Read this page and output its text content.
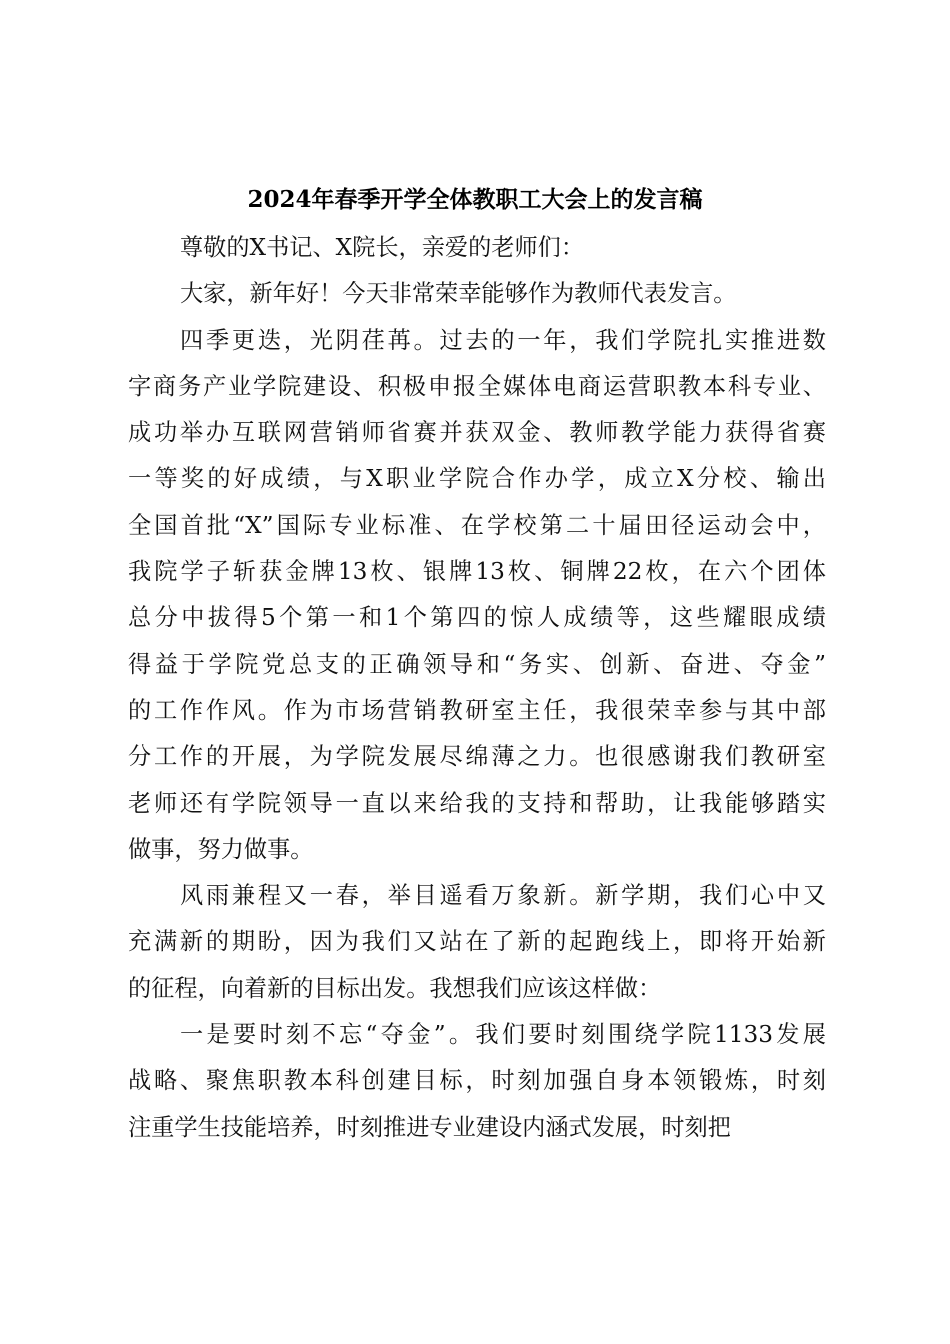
2024年春季开学全体教职工大会上的发言稿
尊敬的X书记、X院长，亲爱的老师们：
大家，新年好！今天非常荣幸能够作为教师代表发言。
四季更迭，光阴荏苒。过去的一年，我们学院扎实推进数
字商务产业学院建设、积极申报全媒体电商运营职教本科专业、
成功举办互联网营销师省赛并获双金、教师教学能力获得省赛
一等奖的好成绩，与X职业学院合作办学，成立X分校、输出
全国首批“X”国际专业标准、在学校第二十届田径运动会中，
我院学子斩获金牌13枚、银牌13枚、铜牌22枚，在六个团体
总分中拔得5个第一和1个第四的惊人成绩等，这些耀眼成绩
得益于学院党总支的正确领导和“务实、创新、奋进、夺金”
的工作作风。作为市场营销教研室主任，我很荣幸参与其中部
分工作的开展，为学院发展尽绵薄之力。也很感谢我们教研室
老师还有学院领导一直以来给我的支持和帮助，让我能够踏实
做事，努力做事。
风雨兼程又一春，举目遥看万象新。新学期，我们心中又
充满新的期盼，因为我们又站在了新的起跑线上，即将开始新
的征程，向着新的目标出发。我想我们应该这样做：
一是要时刻不忘“夺金”。我们要时刻围绕学院1133发展
战略、聚焦职教本科创建目标，时刻加强自身本领锻炼，时刻
注重学生技能培养，时刻推进专业建设内涵式发展，时刻把
